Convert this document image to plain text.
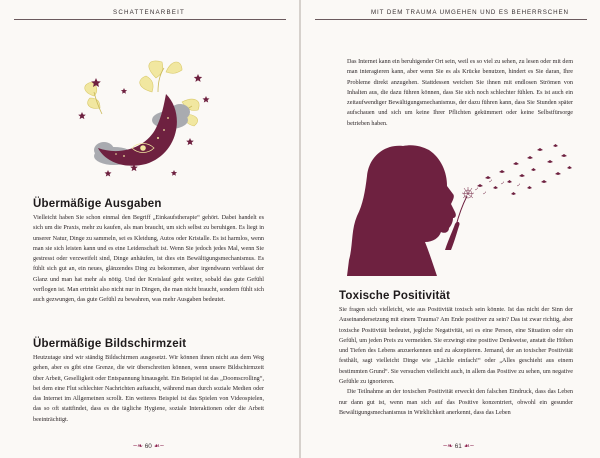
SCHATTENARBEIT
Übermäßige Ausgaben

Vielleicht haben Sie schon einmal den Begriff „Einkaufstherapie“ gehört. Dabei handelt es sich um die Praxis, mehr zu kaufen, als man braucht, um sich selbst zu beruhigen. Es liegt in unserer Natur, Dinge zu sammeln, sei es Kleidung, Autos oder Kristalle. Es ist harmlos, wenn man sie sich leisten kann und es eine Leidenschaft ist. Wenn Sie jedoch jedes Mal, wenn Sie gestresst oder verzweifelt sind, Dinge anhäufen, ist dies ein Bewältigungsmechanismus. Es fühlt sich gut an, ein neues, glänzendes Ding zu bekommen, aber irgendwann verblasst der Glanz und man hat mehr als nötig. Und der Kreislauf geht weiter, sobald das gute Gefühl verflogen ist. Man ertrinkt also nicht nur in Dingen, die man nicht braucht, sondern fühlt sich auch gezwungen, das gute Gefühl zu bewahren, was mehr Ausgaben bedeutet.

Übermäßige Bildschirmzeit

Heutzutage sind wir ständig Bildschirmen ausgesetzt. Wir können ihnen nicht aus dem Weg gehen, aber es gibt eine Grenze, die wir überschreiten können, wenn unsere Bildschirmzeit über Arbeit, Geselligkeit oder Entspannung hinausgeht. Ein Beispiel ist das „Doomscrolling“, bei dem eine Flut schlechter Nachrichten auftaucht, während man durch soziale Medien oder das Internet im Allgemeinen scrollt. Ein weiteres Beispiel ist das Spielen von Videospielen, das so oft stattfindet, dass es die tägliche Hygiene, soziale Interaktionen oder die Arbeit beeinträchtigt.

~❧ 60 ☙~
MIT DEM TRAUMA UMGEHEN UND ES BEHERRSCHEN

Das Internet kann ein beruhigender Ort sein, weil es so viel zu sehen, zu lesen oder mit dem man interagieren kann, aber wenn Sie es als Krücke benutzen, hindert es Sie daran, Ihre Probleme direkt anzugehen. Stattdessen weichen Sie ihnen mit endlosen Strömen von Inhalten aus, die dazu führen können, dass Sie sich noch schlechter fühlen. Es ist auch ein zeitaufwendiger Bewältigungsmechanismus, der dazu führen kann, dass Sie Stunden später aufschauen und sich um keine Ihrer Pflichten gekümmert oder keine Selbstfürsorge betrieben haben.

Toxische Positivität

Sie fragen sich vielleicht, wie aus Positivität toxisch sein könnte. Ist das nicht der Sinn der Auseinandersetzung mit einem Trauma? Am Ende positiver zu sein? Das ist zwar richtig, aber toxische Positivität bedeutet, jegliche Negativität, sei es eine Person, eine Situation oder ein Gefühl, um jeden Preis zu vermeiden. Sie erzwingt eine positive Denkweise, anstatt die Höhen und Tiefen des Lebens anzuerkennen und zu akzeptieren. Jemand, der an toxischer Positivität festhält, sagt vielleicht Dinge wie „Lächle einfach!“ oder „Alles geschieht aus einem bestimmten Grund“. Sie versuchen vielleicht auch, in allem das Positive zu sehen, um negative Gefühle zu ignorieren.

Die Teilnahme an der toxischen Positivität erweckt den falschen Eindruck, dass das Leben nur dann gut ist, wenn man sich auf das Positive konzentriert, obwohl ein gesunder Bewältigungsmechanismus in Wirklichkeit anerkennt, dass das Leben

~❧ 61 ☙~
